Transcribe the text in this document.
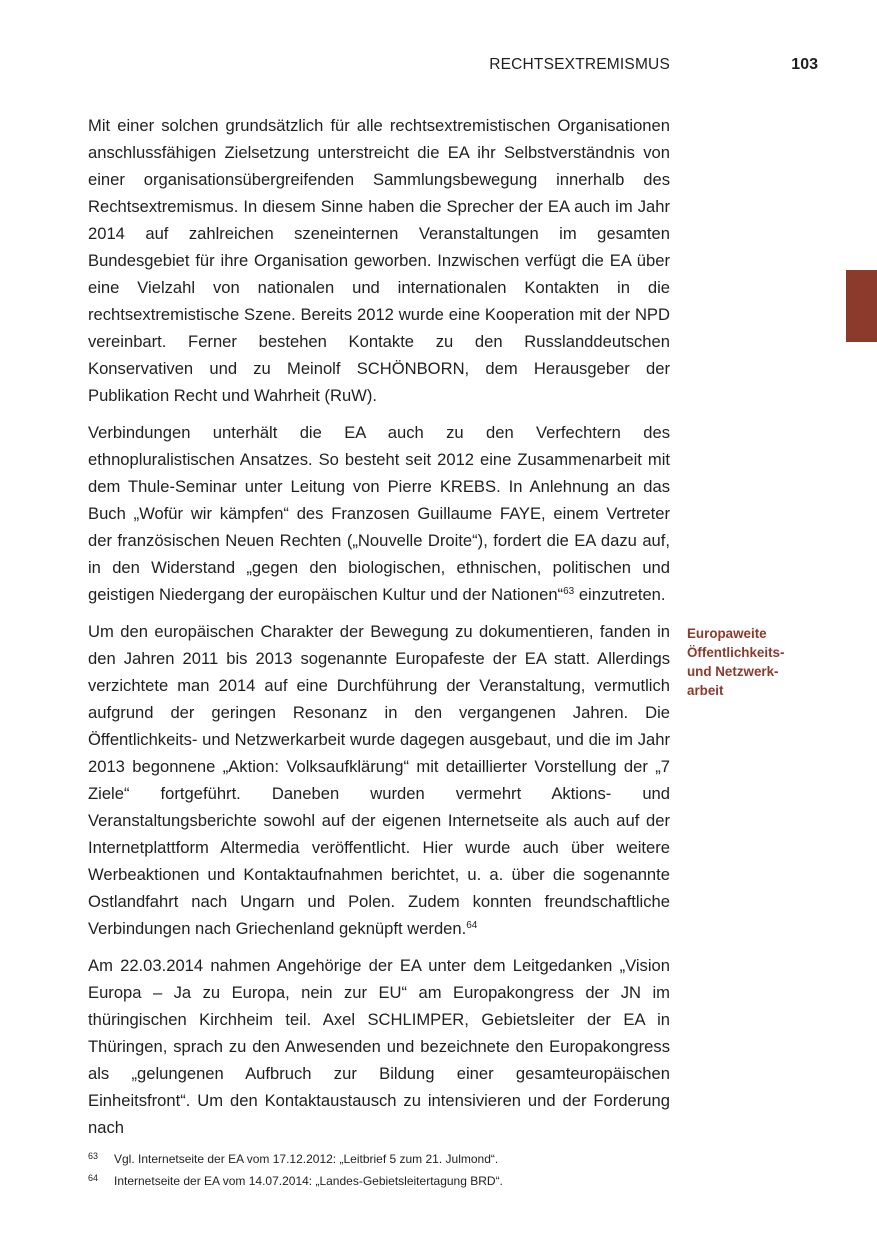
RECHTSEXTREMISMUS	103

Mit einer solchen grundsätzlich für alle rechtsextremistischen Organisationen anschlussfähigen Zielsetzung unterstreicht die EA ihr Selbstverständnis von einer organisationsübergreifenden Sammlungsbewegung innerhalb des Rechtsextremismus. In diesem Sinne haben die Sprecher der EA auch im Jahr 2014 auf zahlreichen szeneinternen Veranstaltungen im gesamten Bundesgebiet für ihre Organisation geworben. Inzwischen verfügt die EA über eine Vielzahl von nationalen und internationalen Kontakten in die rechtsextremistische Szene. Bereits 2012 wurde eine Kooperation mit der NPD vereinbart. Ferner bestehen Kontakte zu den Russlanddeutschen Konservativen und zu Meinolf SCHÖNBORN, dem Herausgeber der Publikation Recht und Wahrheit (RuW).

Verbindungen unterhält die EA auch zu den Verfechtern des ethnopluralistischen Ansatzes. So besteht seit 2012 eine Zusammenarbeit mit dem Thule-Seminar unter Leitung von Pierre KREBS. In Anlehnung an das Buch „Wofür wir kämpfen“ des Franzosen Guillaume FAYE, einem Vertreter der französischen Neuen Rechten („Nouvelle Droite“), fordert die EA dazu auf, in den Widerstand „gegen den biologischen, ethnischen, politischen und geistigen Niedergang der europäischen Kultur und der Nationen“$^{63}$ einzutreten.

Um den europäischen Charakter der Bewegung zu dokumentieren, fanden in den Jahren 2011 bis 2013 sogenannte Europafeste der EA statt. Allerdings verzichtete man 2014 auf eine Durchführung der Veranstaltung, vermutlich aufgrund der geringen Resonanz in den vergangenen Jahren. Die Öffentlichkeits- und Netzwerkarbeit wurde dagegen ausgebaut, und die im Jahr 2013 begonnene „Aktion: Volksaufklärung“ mit detaillierter Vorstellung der „7 Ziele“ fortgeführt. Daneben wurden vermehrt Aktions- und Veranstaltungsberichte sowohl auf der eigenen Internetseite als auch auf der Internetplattform Altermedia veröffentlicht. Hier wurde auch über weitere Werbeaktionen und Kontaktaufnahmen berichtet, u. a. über die sogenannte Ostlandfahrt nach Ungarn und Polen. Zudem konnten freundschaftliche Verbindungen nach Griechenland geknüpft werden.$^{64}$

Am 22.03.2014 nahmen Angehörige der EA unter dem Leitgedanken „Vision Europa – Ja zu Europa, nein zur EU“ am Europakongress der JN im thüringischen Kirchheim teil. Axel SCHLIMPER, Gebietsleiter der EA in Thüringen, sprach zu den Anwesenden und bezeichnete den Europakongress als „gelungenen Aufbruch zur Bildung einer gesamteuropäischen Einheitsfront“. Um den Kontaktaustausch zu intensivieren und der Forderung nach

Europaweite
Öffentlichkeits-
und Netzwerk-
arbeit
63	Vgl. Internetseite der EA vom 17.12.2012: „Leitbrief 5 zum 21. Julmond“.
64	Internetseite der EA vom 14.07.2014: „Landes-Gebietsleitertagung BRD“.
